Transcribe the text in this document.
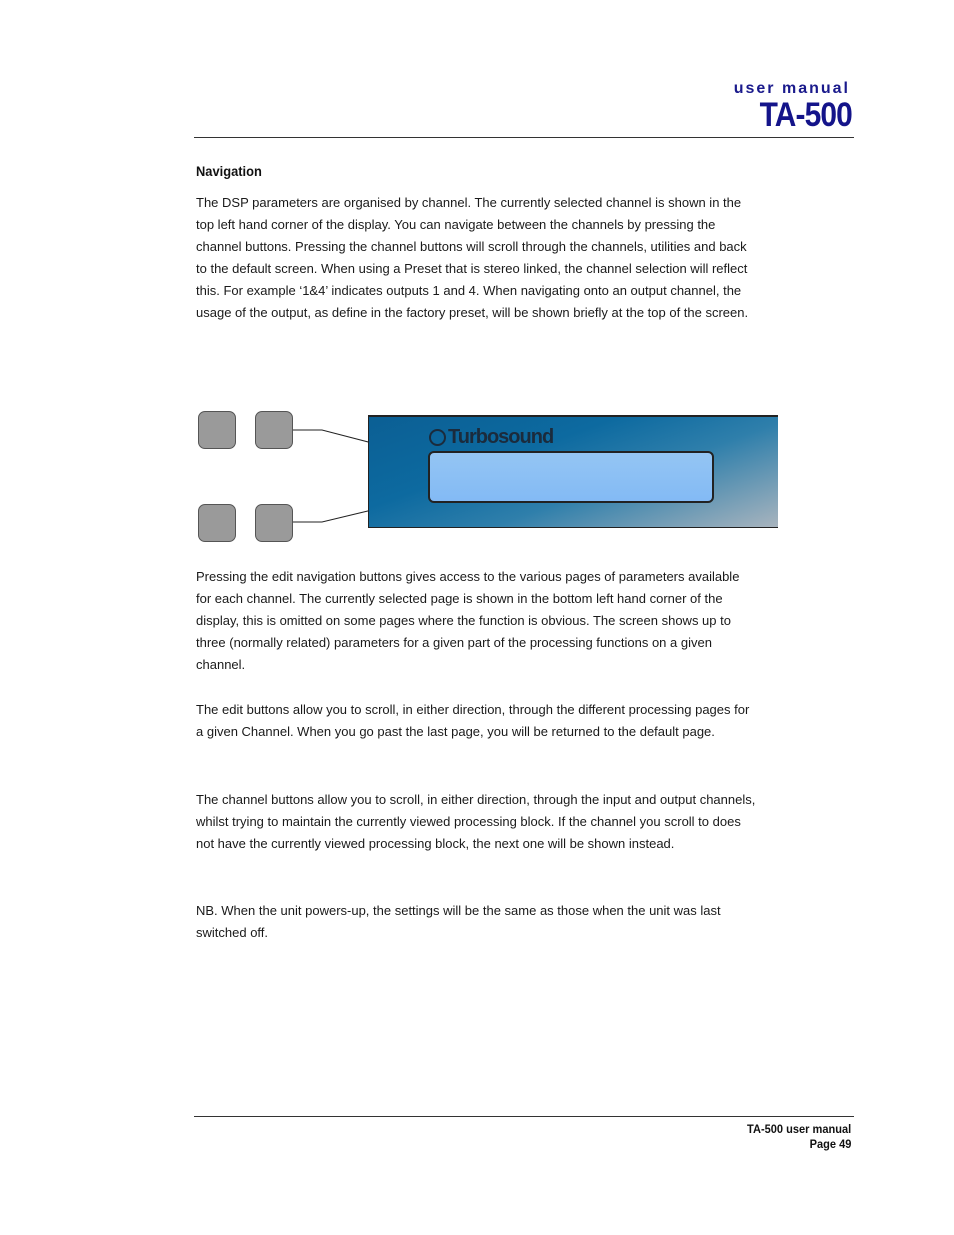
user manual
TA-500
Navigation

The DSP parameters are organised by channel. The currently selected channel is shown in the top left hand corner of the display. You can navigate between the channels by pressing the channel buttons. Pressing the channel buttons will scroll through the channels, utilities and back to the default screen. When using a Preset that is stereo linked, the channel selection will reflect this. For example ‘1&4’ indicates outputs 1 and 4. When navigating onto an output channel, the usage of the output, as define in the factory preset, will be shown briefly at the top of the screen.

Turbosound

Pressing the edit navigation buttons gives access to the various pages of parameters available for each channel. The currently selected page is shown in the bottom left hand corner of the display, this is omitted on some pages where the function is obvious. The screen shows up to three (normally related) parameters for a given part of the processing functions on a given channel.

The edit buttons allow you to scroll, in either direction, through the different processing pages for a given Channel. When you go past the last page, you will be returned to the default page.

The channel buttons allow you to scroll, in either direction, through the input and output channels, whilst trying to maintain the currently viewed processing block. If the channel you scroll to does not have the currently viewed processing block, the next one will be shown instead.

NB. When the unit powers-up, the settings will be the same as those when the unit was last switched off.

TA-500 user manual
Page 49
